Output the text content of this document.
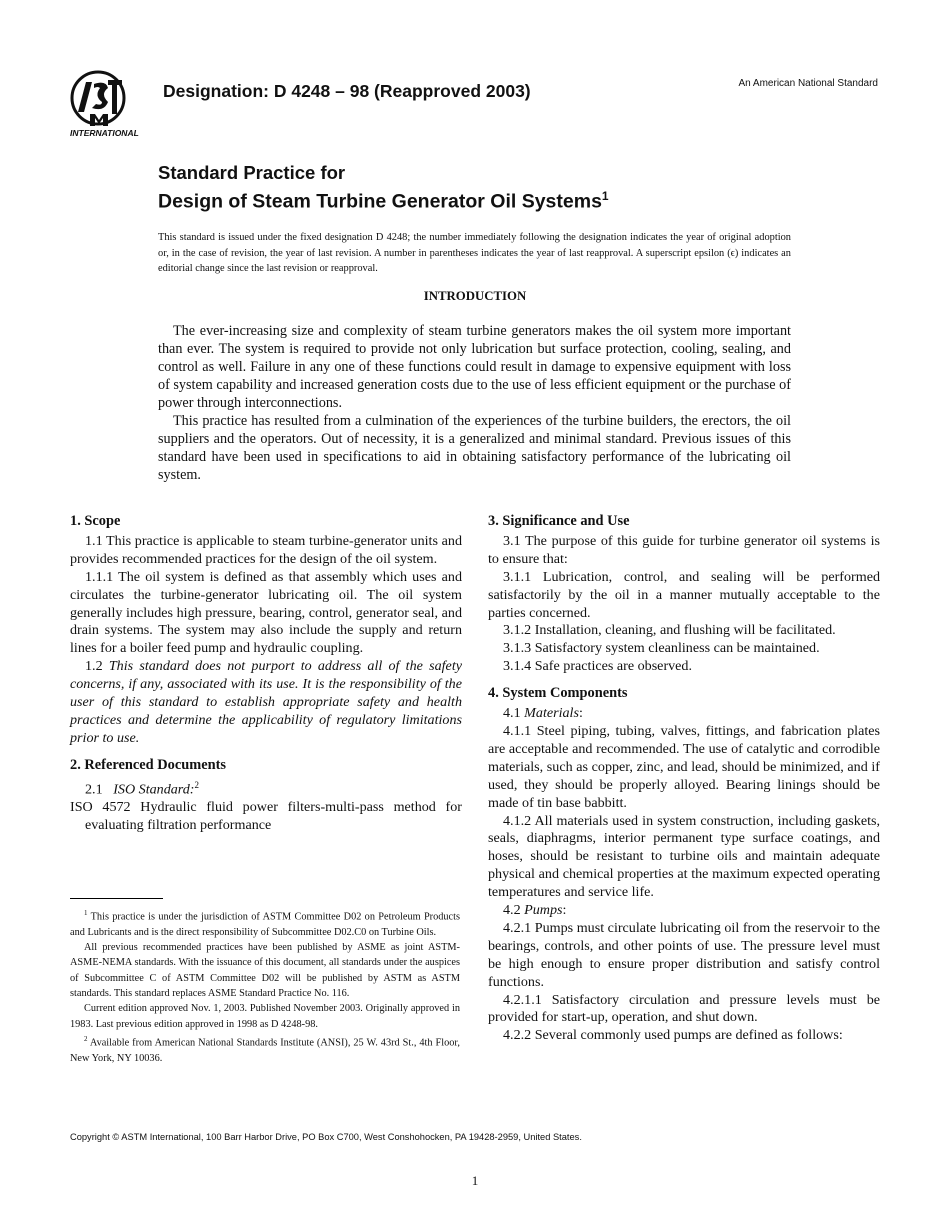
INTERNATIONAL
Designation: D 4248 – 98 (Reapproved 2003)	An American National Standard
Standard Practice for
Design of Steam Turbine Generator Oil Systems$^1$
This standard is issued under the fixed designation D 4248; the number immediately following the designation indicates the year of original adoption or, in the case of revision, the year of last revision. A number in parentheses indicates the year of last reapproval. A superscript epsilon (ϵ) indicates an editorial change since the last revision or reapproval.
INTRODUCTION

The ever-increasing size and complexity of steam turbine generators makes the oil system more important than ever. The system is required to provide not only lubrication but surface protection, cooling, sealing, and control as well. Failure in any one of these functions could result in damage to expensive equipment with loss of system capability and increased generation costs due to the use of less efficient equipment or the purchase of power through interconnections.

This practice has resulted from a culmination of the experiences of the turbine builders, the erectors, the oil suppliers and the operators. Out of necessity, it is a generalized and minimal standard. Previous issues of this standard have been used in specifications to aid in obtaining satisfactory performance of the lubricating oil system.

1. Scope

1.1 This practice is applicable to steam turbine-generator units and provides recommended practices for the design of the oil system.

1.1.1 The oil system is defined as that assembly which uses and circulates the turbine-generator lubricating oil. The oil system generally includes high pressure, bearing, control, generator seal, and drain systems. The system may also include the supply and return lines for a boiler feed pump and hydraulic coupling.

1.2 This standard does not purport to address all of the safety concerns, if any, associated with its use. It is the responsibility of the user of this standard to establish appropriate safety and health practices and determine the applicability of regulatory limitations prior to use.

2. Referenced Documents

2.1 ISO Standard:$^2$

ISO 4572 Hydraulic fluid power filters-multi-pass method for evaluating filtration performance

3. Significance and Use

3.1 The purpose of this guide for turbine generator oil systems is to ensure that:

3.1.1 Lubrication, control, and sealing will be performed satisfactorily by the oil in a manner mutually acceptable to the parties concerned.

3.1.2 Installation, cleaning, and flushing will be facilitated.

3.1.3 Satisfactory system cleanliness can be maintained.

3.1.4 Safe practices are observed.

4. System Components

4.1 Materials:

4.1.1 Steel piping, tubing, valves, fittings, and fabrication plates are acceptable and recommended. The use of catalytic and corrodible materials, such as copper, zinc, and lead, should be minimized, and if used, they should be properly alloyed. Bearing linings should be made of tin base babbitt.

4.1.2 All materials used in system construction, including gaskets, seals, diaphragms, interior permanent type surface coatings, and hoses, should be resistant to turbine oils and maintain adequate physical and chemical properties at the maximum expected operating temperatures and service life.

4.2 Pumps:

4.2.1 Pumps must circulate lubricating oil from the reservoir to the bearings, controls, and other points of use. The pressure level must be high enough to ensure proper distribution and satisfy control functions.

4.2.1.1 Satisfactory circulation and pressure levels must be provided for start-up, operation, and shut down.

4.2.2 Several commonly used pumps are defined as follows:

$^1$ This practice is under the jurisdiction of ASTM Committee D02 on Petroleum Products and Lubricants and is the direct responsibility of Subcommittee D02.C0 on Turbine Oils.

All previous recommended practices have been published by ASME as joint ASTM-ASME-NEMA standards. With the issuance of this document, all standards under the auspices of Subcommittee C of ASTM Committee D02 will be published by ASTM as ASTM standards. This standard replaces ASME Standard Practice No. 116.

Current edition approved Nov. 1, 2003. Published November 2003. Originally approved in 1983. Last previous edition approved in 1998 as D 4248-98.

$^2$ Available from American National Standards Institute (ANSI), 25 W. 43rd St., 4th Floor, New York, NY 10036.

Copyright © ASTM International, 100 Barr Harbor Drive, PO Box C700, West Conshohocken, PA 19428-2959, United States.
1
